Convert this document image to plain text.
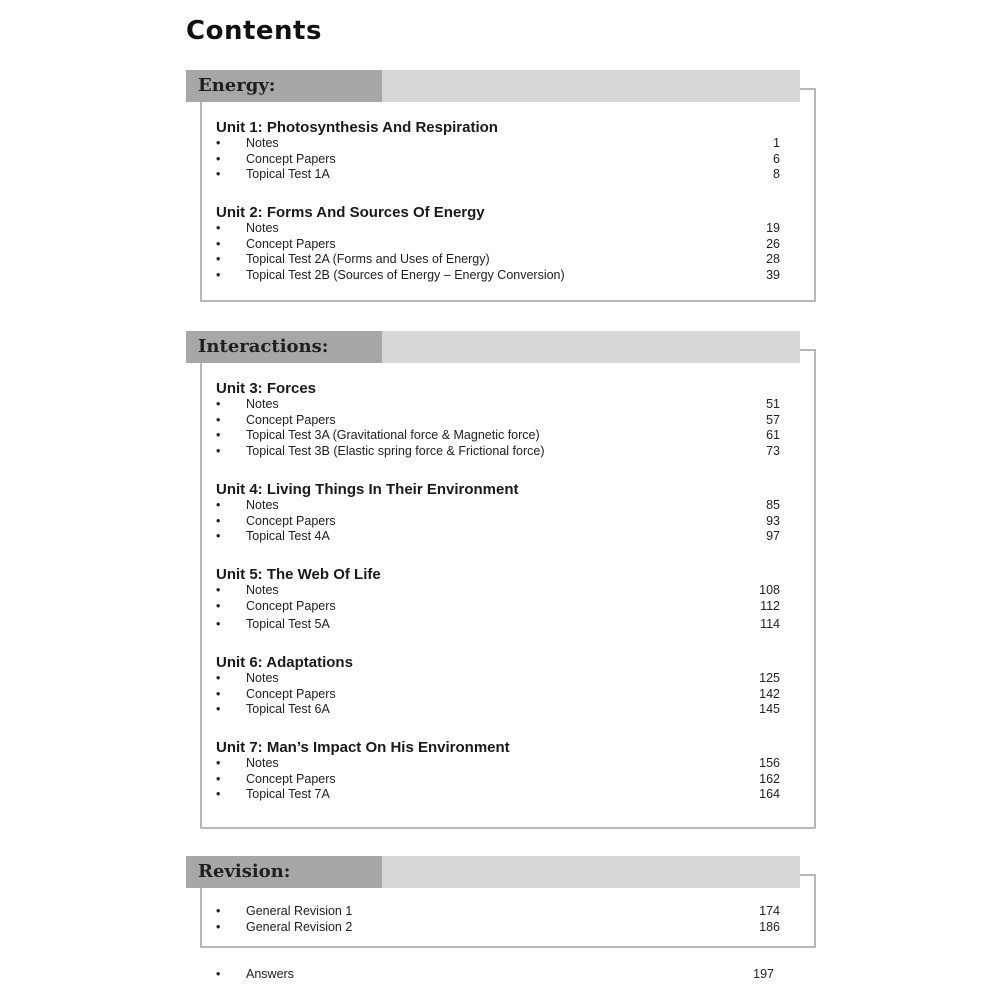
Contents
Energy:
Unit 1: Photosynthesis And Respiration
• Notes	1
• Concept Papers	6
• Topical Test 1A	8
Unit 2: Forms And Sources Of Energy
• Notes	19
• Concept Papers	26
• Topical Test 2A (Forms and Uses of Energy)	28
• Topical Test 2B (Sources of Energy – Energy Conversion)	39
Interactions:
Unit 3: Forces
• Notes	51
• Concept Papers	57
• Topical Test 3A (Gravitational force & Magnetic force)	61
• Topical Test 3B (Elastic spring force & Frictional force)	73
Unit 4: Living Things In Their Environment
• Notes	85
• Concept Papers	93
• Topical Test 4A	97
Unit 5: The Web Of Life
• Notes	108
• Concept Papers	112
• Topical Test 5A	114
Unit 6: Adaptations
• Notes	125
• Concept Papers	142
• Topical Test 6A	145
Unit 7: Man’s Impact On His Environment
• Notes	156
• Concept Papers	162
• Topical Test 7A	164
Revision:
• General Revision 1	174
• General Revision 2	186
• Answers	197
